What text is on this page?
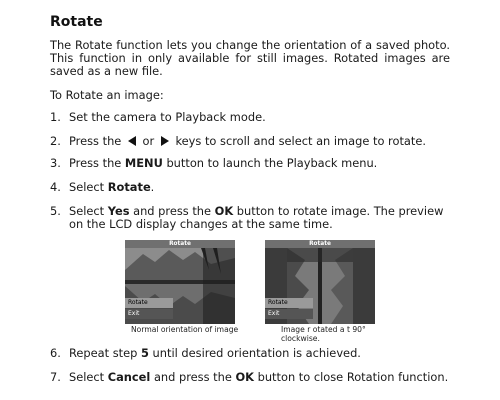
Rotate
The Rotate function lets you change the orientation of a saved photo. This function in only available for still images. Rotated images are saved as a new file.
To Rotate an image:
1. Set the camera to Playback mode.
2. Press the or keys to scroll and select an image to rotate.
3. Press the MENU button to launch the Playback menu.
4. Select Rotate.
5. Select Yes and press the OK button to rotate image. The preview on the LCD display changes at the same time.
Rotate
Rotate
Exit
Normal orientation of image
Rotate
Rotate
Exit
Image r otated a t 90° clockwise.
6. Repeat step 5 until desired orientation is achieved.
7. Select Cancel and press the OK button to close Rotation function.
